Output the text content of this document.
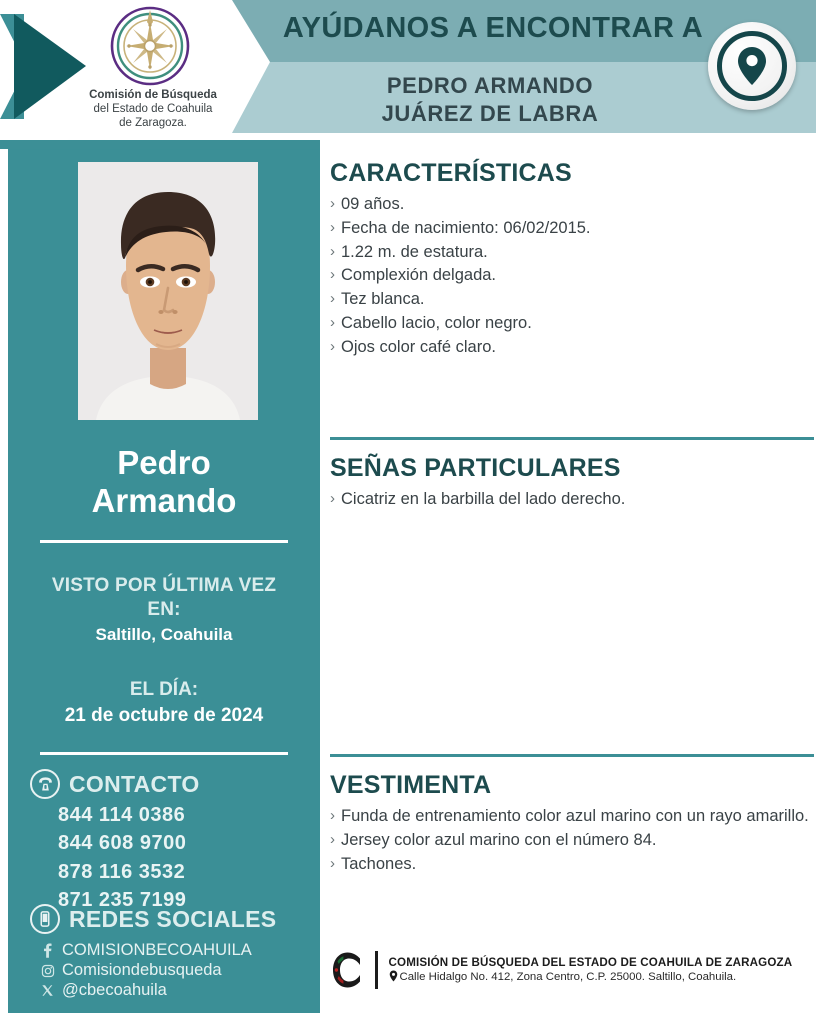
Comisión de Búsqueda
del Estado de Coahuila
de Zaragoza.
AYÚDANOS A ENCONTRAR A
PEDRO ARMANDO
JUÁREZ DE LABRA
Pedro
Armando
VISTO POR ÚLTIMA VEZ
EN:
Saltillo, Coahuila
EL DÍA:
21 de octubre de 2024
CONTACTO
844 114 0386
844 608 9700
878 116 3532
871 235 7199
REDES SOCIALES
COMISIONBECOAHUILA
Comisiondebusqueda
@cbecoahuila
CARACTERÍSTICAS
› 09 años.
› Fecha de nacimiento: 06/02/2015.
› 1.22 m. de estatura.
› Complexión delgada.
› Tez blanca.
› Cabello lacio, color negro.
› Ojos color café claro.
SEÑAS PARTICULARES
› Cicatriz en la barbilla del lado derecho.
VESTIMENTA
› Funda de entrenamiento color azul marino con un rayo amarillo.
› Jersey color azul marino con el número 84.
› Tachones.
COMISIÓN DE BÚSQUEDA DEL ESTADO DE COAHUILA DE ZARAGOZA
Calle Hidalgo No. 412, Zona Centro, C.P. 25000. Saltillo, Coahuila.
